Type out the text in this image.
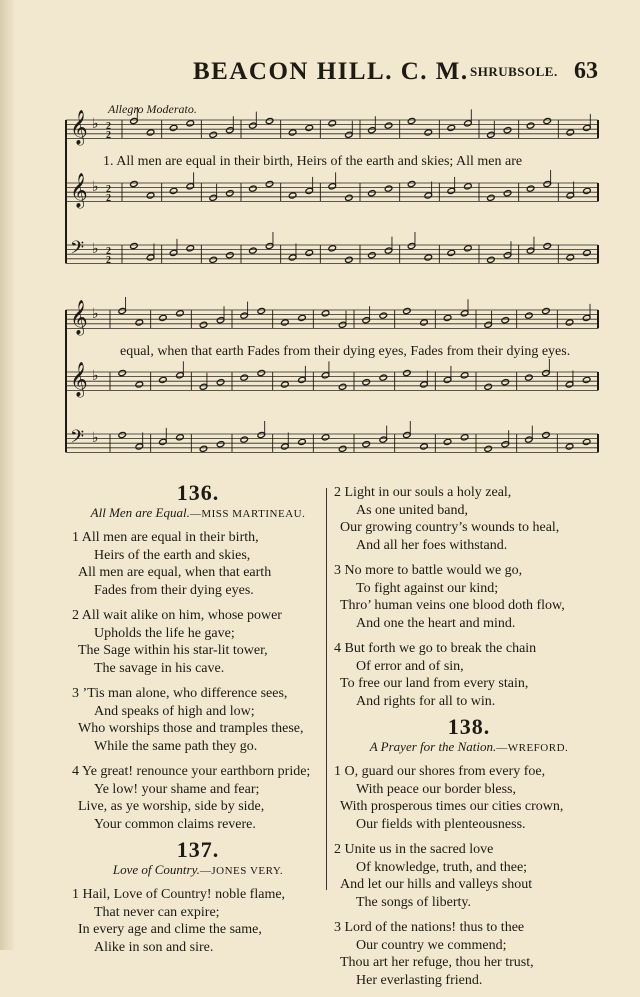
BEACON HILL. C. M. SHRUBSOLE. 63
Allegro Moderato.
𝄞 ♭ 2
2
𝄞 ♭ 2
2
𝄢 ♭ 2
2
𝄞 ♭
𝄞 ♭
𝄢 ♭
1. All men are equal in their birth, Heirs of the earth and skies; All men are
equal, when that earth Fades from their dying eyes, Fades from their dying eyes.
136.
All Men are Equal.—MISS MARTINEAU.
1 All men are equal in their birth,
Heirs of the earth and skies,
All men are equal, when that earth
Fades from their dying eyes.
2 All wait alike on him, whose power
Upholds the life he gave;
The Sage within his star-lit tower,
The savage in his cave.
3 ’Tis man alone, who difference sees,
And speaks of high and low;
Who worships those and tramples these,
While the same path they go.
4 Ye great! renounce your earthborn pride;
Ye low! your shame and fear;
Live, as ye worship, side by side,
Your common claims revere.
137.
Love of Country.—JONES VERY.
1 Hail, Love of Country! noble flame,
That never can expire;
In every age and clime the same,
Alike in son and sire.
2 Light in our souls a holy zeal,
As one united band,
Our growing country’s wounds to heal,
And all her foes withstand.
3 No more to battle would we go,
To fight against our kind;
Thro’ human veins one blood doth flow,
And one the heart and mind.
4 But forth we go to break the chain
Of error and of sin,
To free our land from every stain,
And rights for all to win.
138.
A Prayer for the Nation.—WREFORD.
1 O, guard our shores from every foe,
With peace our border bless,
With prosperous times our cities crown,
Our fields with plenteousness.
2 Unite us in the sacred love
Of knowledge, truth, and thee;
And let our hills and valleys shout
The songs of liberty.
3 Lord of the nations! thus to thee
Our country we commend;
Thou art her refuge, thou her trust,
Her everlasting friend.
